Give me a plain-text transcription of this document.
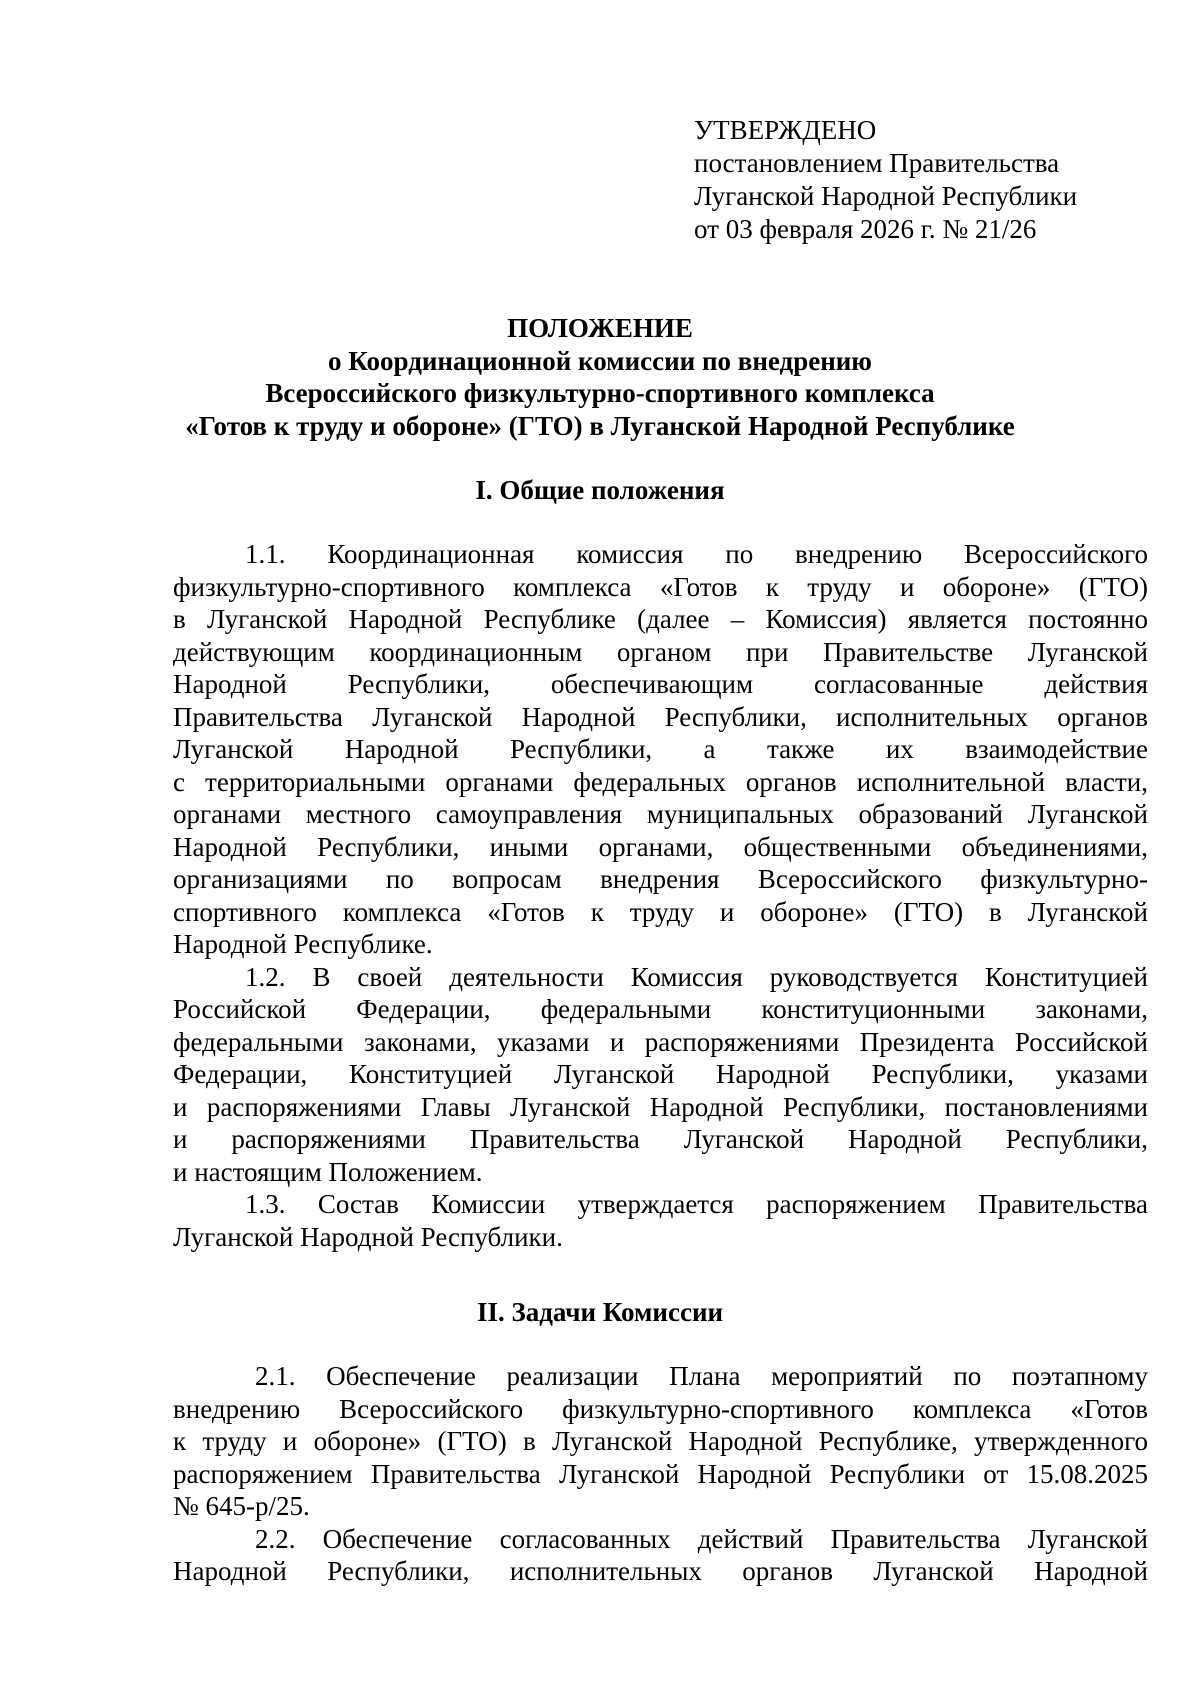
УТВЕРЖДЕНО
постановлением Правительства
Луганской Народной Республики
от 03 февраля 2026 г. № 21/26
ПОЛОЖЕНИЕ
о Координационной комиссии по внедрению
Всероссийского физкультурно-спортивного комплекса
«Готов к труду и обороне» (ГТО) в Луганской Народной Республике
I. Общие положения

1.1. Координационная комиссия по внедрению Всероссийского
физкультурно-спортивного комплекса «Готов к труду и обороне» (ГТО)
в Луганской Народной Республике (далее – Комиссия) является постоянно
действующим координационным органом при Правительстве Луганской
Народной Республики, обеспечивающим согласованные действия
Правительства Луганской Народной Республики, исполнительных органов
Луганской Народной Республики, а также их взаимодействие
с территориальными органами федеральных органов исполнительной власти,
органами местного самоуправления муниципальных образований Луганской
Народной Республики, иными органами, общественными объединениями,
организациями по вопросам внедрения Всероссийского физкультурно-
спортивного комплекса «Готов к труду и обороне» (ГТО) в Луганской
Народной Республике.

1.2. В своей деятельности Комиссия руководствуется Конституцией
Российской Федерации, федеральными конституционными законами,
федеральными законами, указами и распоряжениями Президента Российской
Федерации, Конституцией Луганской Народной Республики, указами
и распоряжениями Главы Луганской Народной Республики, постановлениями
и распоряжениями Правительства Луганской Народной Республики,
и настоящим Положением.

1.3. Состав Комиссии утверждается распоряжением Правительства
Луганской Народной Республики.

II. Задачи Комиссии

2.1. Обеспечение реализации Плана мероприятий по поэтапному
внедрению Всероссийского физкультурно-спортивного комплекса «Готов
к труду и обороне» (ГТО) в Луганской Народной Республике, утвержденного
распоряжением Правительства Луганской Народной Республики от 15.08.2025
№ 645-р/25.

2.2. Обеспечение согласованных действий Правительства Луганской
Народной Республики, исполнительных органов Луганской Народной
